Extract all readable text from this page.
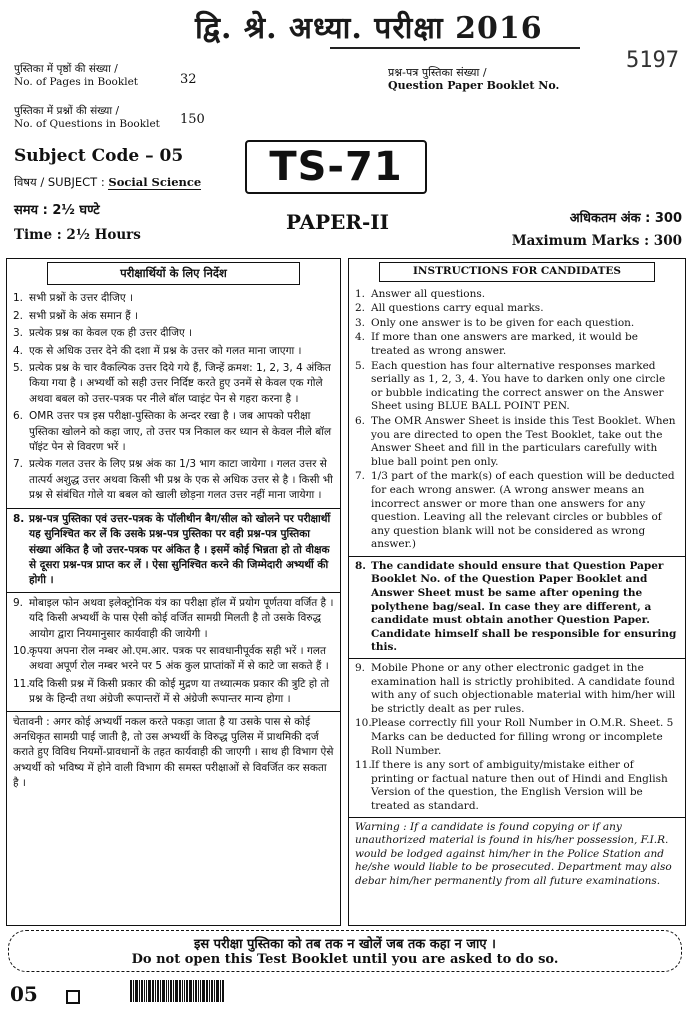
द्वि. श्रे. अध्या. परीक्षा 2016
5197
पुस्तिका में पृष्ठों की संख्या /
No. of Pages in Booklet	32
पुस्तिका में प्रश्नों की संख्या /
No. of Questions in Booklet	150
प्रश्न-पत्र पुस्तिका संख्या /
Question Paper Booklet No.
Subject Code – 05
विषय / SUBJECT : Social Science TS-71
समय : 2½ घण्टे
Time : 2½ Hours
PAPER-II	अधिकतम अंक : 300
Maximum Marks : 300
परीक्षार्थियों के लिए निर्देश
1. सभी प्रश्नों के उत्तर दीजिए ।
2. सभी प्रश्नों के अंक समान हैं ।
3. प्रत्येक प्रश्न का केवल एक ही उत्तर दीजिए ।
4. एक से अधिक उत्तर देने की दशा में प्रश्न के उत्तर को गलत माना जाएगा ।
5. प्रत्येक प्रश्न के चार वैकल्पिक उत्तर दिये गये हैं, जिन्हें क्रमश: 1, 2, 3, 4 अंकित किया गया है । अभ्यर्थी को सही उत्तर निर्दिष्ट करते हुए उनमें से केवल एक गोले अथवा बबल को उत्तर-पत्रक पर नीले बॉल प्वाइंट पेन से गहरा करना है ।
6. OMR उत्तर पत्र इस परीक्षा-पुस्तिका के अन्दर रखा है । जब आपको परीक्षा पुस्तिका खोलने को कहा जाए, तो उत्तर पत्र निकाल कर ध्यान से केवल नीले बॉल पॉइंट पेन से विवरण भरें ।
7. प्रत्येक गलत उत्तर के लिए प्रश्न अंक का 1/3 भाग काटा जायेगा । गलत उत्तर से तात्पर्य अशुद्ध उत्तर अथवा किसी भी प्रश्न के एक से अधिक उत्तर से है । किसी भी प्रश्न से संबंधित गोले या बबल को खाली छोड़ना गलत उत्तर नहीं माना जायेगा ।
8. प्रश्न-पत्र पुस्तिका एवं उत्तर-पत्रक के पॉलीथीन बैग/सील को खोलने पर परीक्षार्थी यह सुनिश्चित कर लें कि उसके प्रश्न-पत्र पुस्तिका पर वही प्रश्न-पत्र पुस्तिका संख्या अंकित है जो उत्तर-पत्रक पर अंकित है । इसमें कोई भिन्नता हो तो वीक्षक से दूसरा प्रश्न-पत्र प्राप्त कर लें । ऐसा सुनिश्चित करने की जिम्मेदारी अभ्यर्थी की होगी ।
9. मोबाइल फोन अथवा इलेक्ट्रोनिक यंत्र का परीक्षा हॉल में प्रयोग पूर्णतया वर्जित है । यदि किसी अभ्यर्थी के पास ऐसी कोई वर्जित सामग्री मिलती है तो उसके विरुद्ध आयोग द्वारा नियमानुसार कार्यवाही की जायेगी ।
10. कृपया अपना रोल नम्बर ओ.एम.आर. पत्रक पर सावधानीपूर्वक सही भरें । गलत अथवा अपूर्ण रोल नम्बर भरने पर 5 अंक कुल प्राप्तांकों में से काटे जा सकते हैं ।
11. यदि किसी प्रश्न में किसी प्रकार की कोई मुद्रण या तथ्यात्मक प्रकार की त्रुटि हो तो प्रश्न के हिन्दी तथा अंग्रेजी रूपान्तरों में से अंग्रेजी रूपान्तर मान्य होगा ।
चेतावनी : अगर कोई अभ्यर्थी नकल करते पकड़ा जाता है या उसके पास से कोई अनधिकृत सामग्री पाई जाती है, तो उस अभ्यर्थी के विरुद्ध पुलिस में प्राथमिकी दर्ज कराते हुए विविध नियमों-प्रावधानों के तहत कार्यवाही की जाएगी । साथ ही विभाग ऐसे अभ्यर्थी को भविष्य में होने वाली विभाग की समस्त परीक्षाओं से विवर्जित कर सकता है ।
INSTRUCTIONS FOR CANDIDATES
1. Answer all questions.
2. All questions carry equal marks.
3. Only one answer is to be given for each question.
4. If more than one answers are marked, it would be treated as wrong answer.
5. Each question has four alternative responses marked serially as 1, 2, 3, 4. You have to darken only one circle or bubble indicating the correct answer on the Answer Sheet using BLUE BALL POINT PEN.
6. The OMR Answer Sheet is inside this Test Booklet. When you are directed to open the Test Booklet, take out the Answer Sheet and fill in the particulars carefully with blue ball point pen only.
7. 1/3 part of the mark(s) of each question will be deducted for each wrong answer. (A wrong answer means an incorrect answer or more than one answers for any question. Leaving all the relevant circles or bubbles of any question blank will not be considered as wrong answer.)
8. The candidate should ensure that Question Paper Booklet No. of the Question Paper Booklet and Answer Sheet must be same after opening the polythene bag/seal. In case they are different, a candidate must obtain another Question Paper. Candidate himself shall be responsible for ensuring this.
9. Mobile Phone or any other electronic gadget in the examination hall is strictly prohibited. A candidate found with any of such objectionable material with him/her will be strictly dealt as per rules.
10. Please correctly fill your Roll Number in O.M.R. Sheet. 5 Marks can be deducted for filling wrong or incomplete Roll Number.
11. If there is any sort of ambiguity/mistake either of printing or factual nature then out of Hindi and English Version of the question, the English Version will be treated as standard.
Warning : If a candidate is found copying or if any unauthorized material is found in his/her possession, F.I.R. would be lodged against him/her in the Police Station and he/she would liable to be prosecuted. Department may also debar him/her permanently from all future examinations.
इस परीक्षा पुस्तिका को तब तक न खोलें जब तक कहा न जाए ।
Do not open this Test Booklet until you are asked to do so.
05
